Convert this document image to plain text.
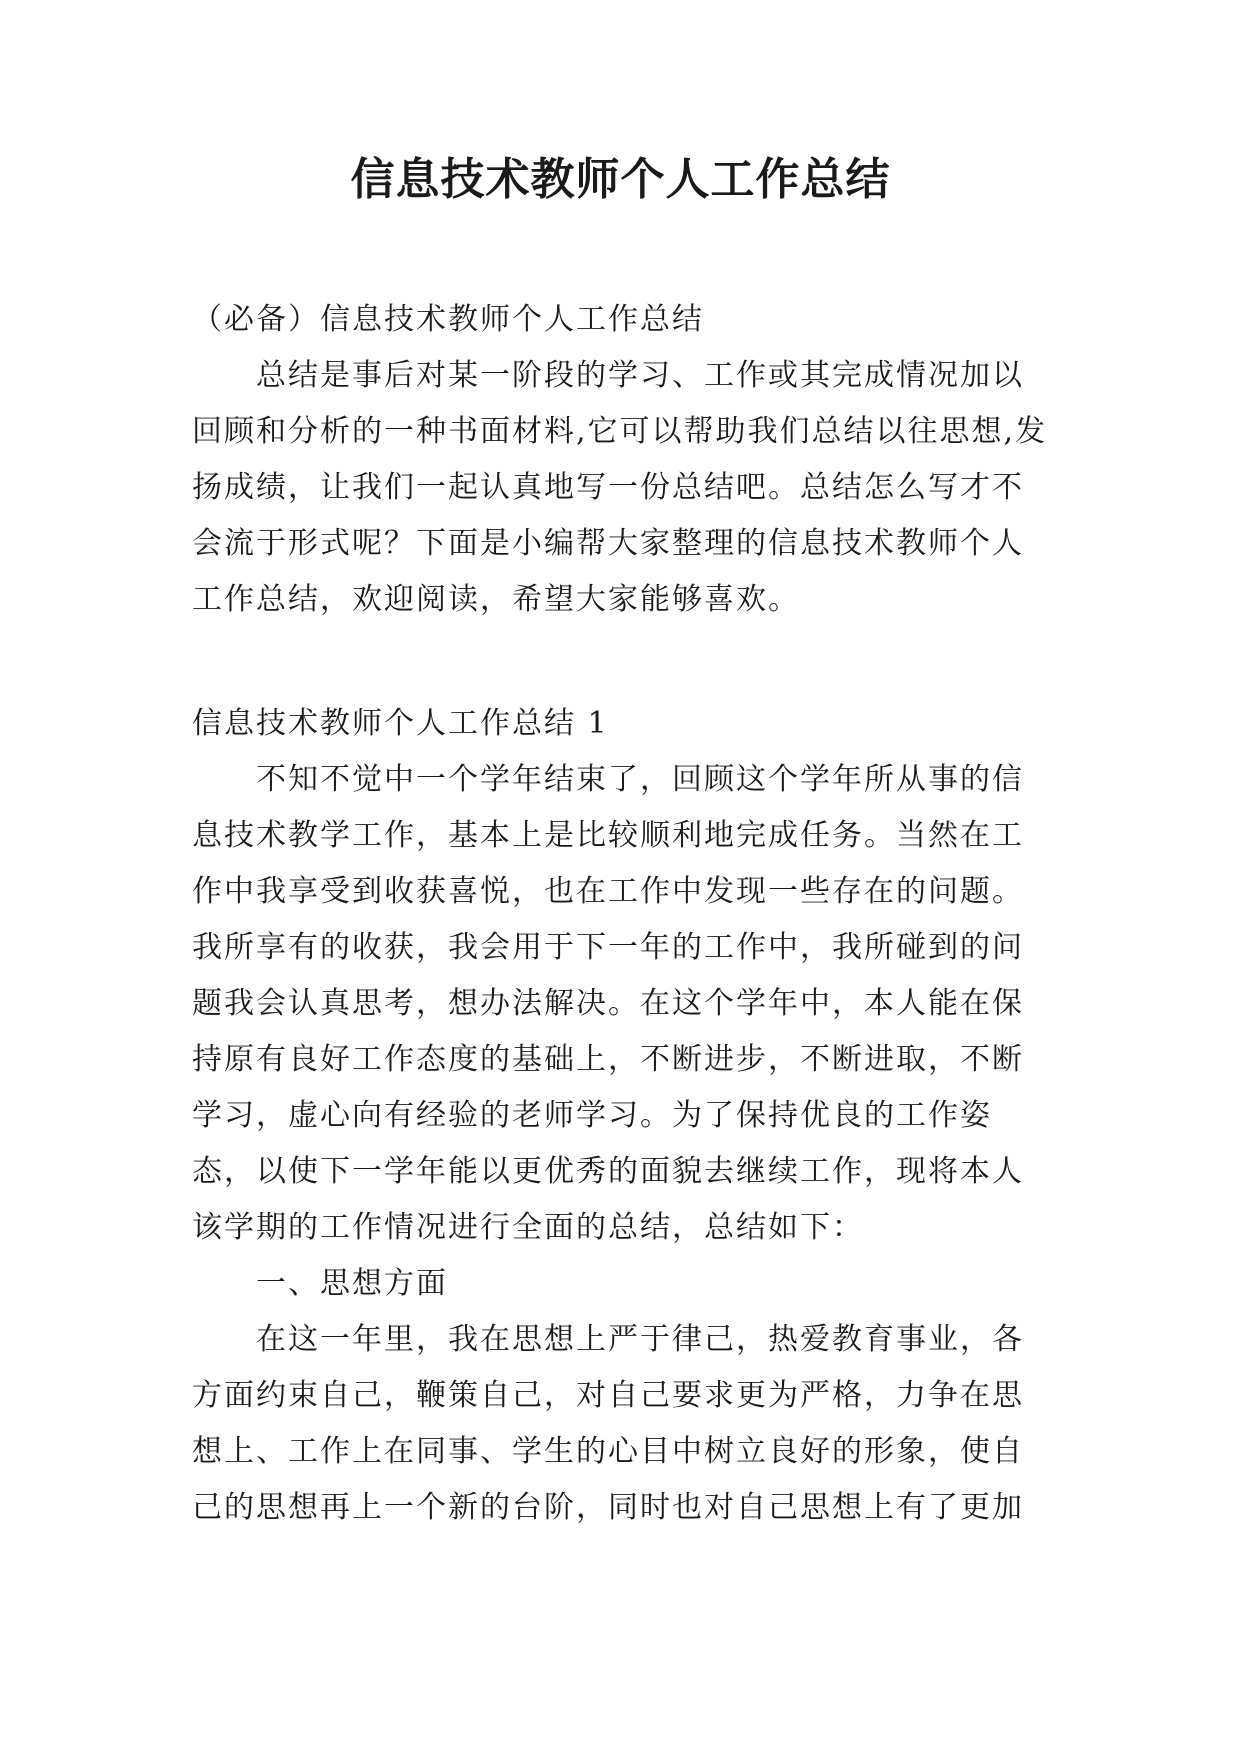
信息技术教师个人工作总结

（必备）信息技术教师个人工作总结

总结是事后对某一阶段的学习、工作或其完成情况加以回顾和分析的一种书面材料,它可以帮助我们总结以往思想,发扬成绩，让我们一起认真地写一份总结吧。总结怎么写才不会流于形式呢？下面是小编帮大家整理的信息技术教师个人工作总结，欢迎阅读，希望大家能够喜欢。

信息技术教师个人工作总结 1

不知不觉中一个学年结束了，回顾这个学年所从事的信息技术教学工作，基本上是比较顺利地完成任务。当然在工作中我享受到收获喜悦，也在工作中发现一些存在的问题。我所享有的收获，我会用于下一年的工作中，我所碰到的问题我会认真思考，想办法解决。在这个学年中，本人能在保持原有良好工作态度的基础上，不断进步，不断进取，不断学习，虚心向有经验的老师学习。为了保持优良的工作姿态，以使下一学年能以更优秀的面貌去继续工作，现将本人该学期的工作情况进行全面的总结，总结如下：

一、思想方面

在这一年里，我在思想上严于律己，热爱教育事业，各方面约束自己，鞭策自己，对自己要求更为严格，力争在思想上、工作上在同事、学生的心目中树立良好的形象，使自己的思想再上一个新的台阶，同时也对自己思想上有了更加
